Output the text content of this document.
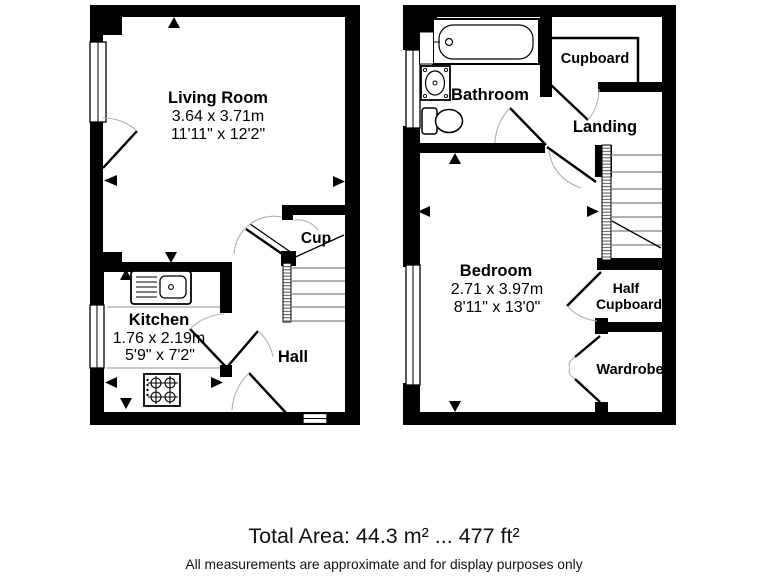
Living Room
3.64 x 3.71m
11'11" x 12'2"
Kitchen
1.76 x 2.19m
5'9" x 7'2"	Hall
Cup
Bathroom
Cupboard
Landing
Bedroom
2.71 x 3.97m
8'11" x 13'0"
Half
Cupboard
Wardrobe
Total Area: 44.3 m² ... 477 ft²
All measurements are approximate and for display purposes only
